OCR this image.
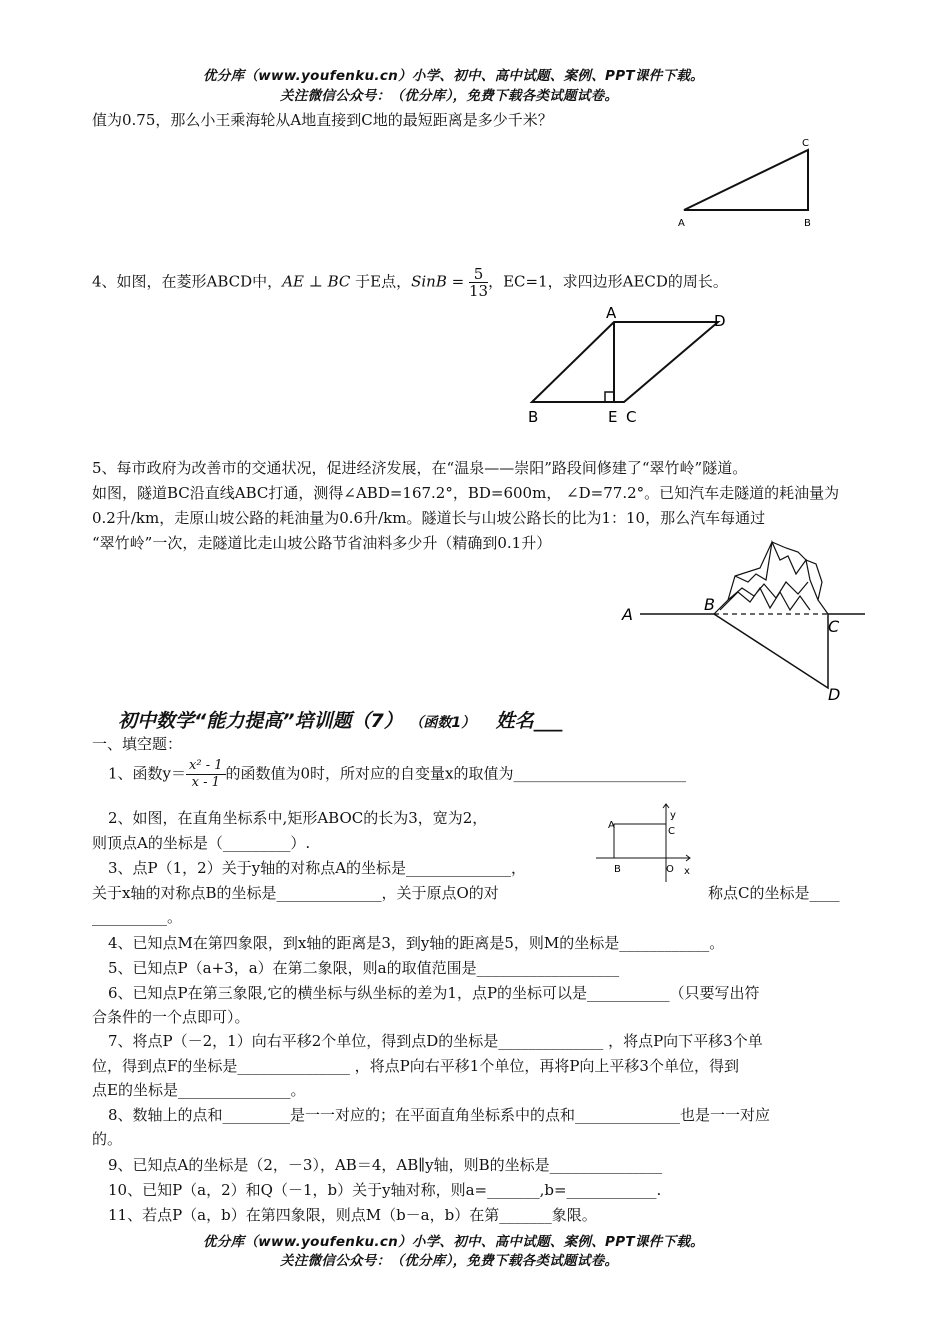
优分库（www.youfenku.cn）小学、初中、高中试题、案例、PPT课件下载。
关注微信公众号：（优分库），免费下载各类试题试卷。
值为0.75，那么小王乘海轮从A地直接到C地的最短距离是多少千米？
A	B
C
4、如图，在菱形ABCD中，AE ⊥ BC 于E点，SinB = $\frac{5}{13}$ ，EC=1，求四边形AECD的周长。
A
B	E C
D
5、每市政府为改善市的交通状况，促进经济发展，在“温泉——崇阳”路段间修建了“翠竹岭”隧道。
如图，隧道BC沿直线ABC打通，测得∠ABD=167.2°，BD=600m， ∠D=77.2°。已知汽车走隧道的耗油量为
0.2升/km，走原山坡公路的耗油量为0.6升/km。隧道长与山坡公路长的比为1：10，那么汽车每通过
“翠竹岭”一次，走隧道比走山坡公路节省油料多少升（精确到0.1升）
A
B
C
D
初中数学“能力提高”培训题（7） （函数1） 姓名___
一、填空题：
1、函数$y= \frac{\text{x² - 1}}{x - 1}$ 的函数值为0时，所对应的自变量x的取值为_______________________
2、如图，在直角坐标系中,矩形ABOC的长为3，宽为2，
则顶点A的坐标是（_________）.
A
B
C
O x
y
3、点P（1，2）关于y轴的对称点A的坐标是______________，
关于x轴的对称点B的坐标是______________，关于原点O的对	称点C的坐标是____
__________。
4、已知点M在第四象限，到x轴的距离是3，到y轴的距离是5，则M的坐标是____________。
5、已知点P（a+3，a）在第二象限，则a的取值范围是___________________
6、已知点P在第三象限,它的横坐标与纵坐标的差为1，点P的坐标可以是___________（只要写出符
合条件的一个点即可）。
7、将点P（－2，1）向右平移2个单位，得到点D的坐标是______________ ，将点P向下平移3个单
位，得到点F的坐标是_______________ ，将点P向右平移1个单位，再将P向上平移3个单位，得到
点E的坐标是_______________。
8、数轴上的点和_________是一一对应的；在平面直角坐标系中的点和______________也是一一对应
的。
9、已知点A的坐标是（2，－3），AB＝4，AB∥y轴，则B的坐标是_______________
10、已知P（a，2）和Q（－1，b）关于y轴对称，则a=_______,b=____________.
11、若点P（a，b）在第四象限，则点M（b－a，b）在第_______象限。
优分库（www.youfenku.cn）小学、初中、高中试题、案例、PPT课件下载。
关注微信公众号：（优分库），免费下载各类试题试卷。
